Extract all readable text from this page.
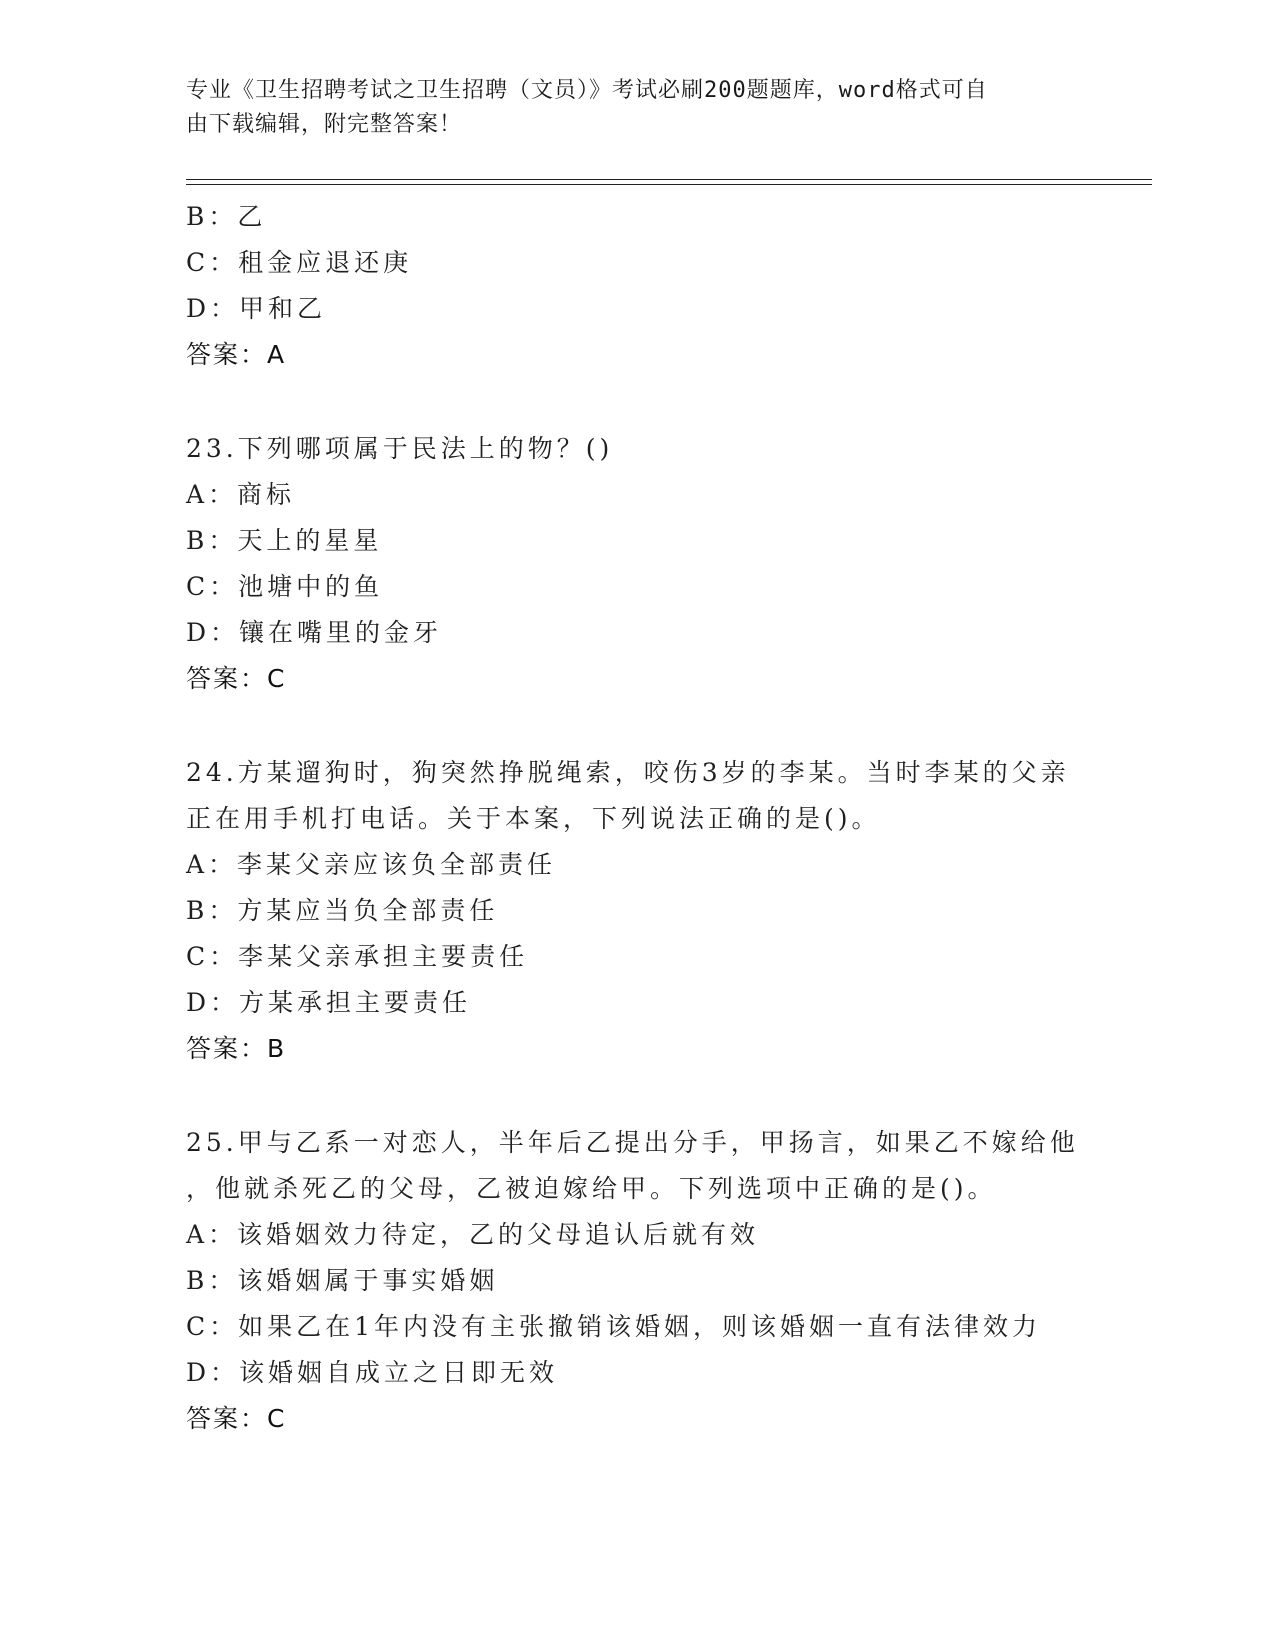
专业《卫生招聘考试之卫生招聘（文员）》考试必刷200题题库，word格式可自
由下载编辑，附完整答案！
B：乙
C：租金应退还庚
D：甲和乙
答案：A
23.下列哪项属于民法上的物？()
A：商标
B：天上的星星
C：池塘中的鱼
D：镶在嘴里的金牙
答案：C
24.方某遛狗时，狗突然挣脱绳索，咬伤3岁的李某。当时李某的父亲
正在用手机打电话。关于本案，下列说法正确的是()。
A：李某父亲应该负全部责任
B：方某应当负全部责任
C：李某父亲承担主要责任
D：方某承担主要责任
答案：B
25.甲与乙系一对恋人，半年后乙提出分手，甲扬言，如果乙不嫁给他
，他就杀死乙的父母，乙被迫嫁给甲。下列选项中正确的是()。
A：该婚姻效力待定，乙的父母追认后就有效
B：该婚姻属于事实婚姻
C：如果乙在1年内没有主张撤销该婚姻，则该婚姻一直有法律效力
D：该婚姻自成立之日即无效
答案：C
